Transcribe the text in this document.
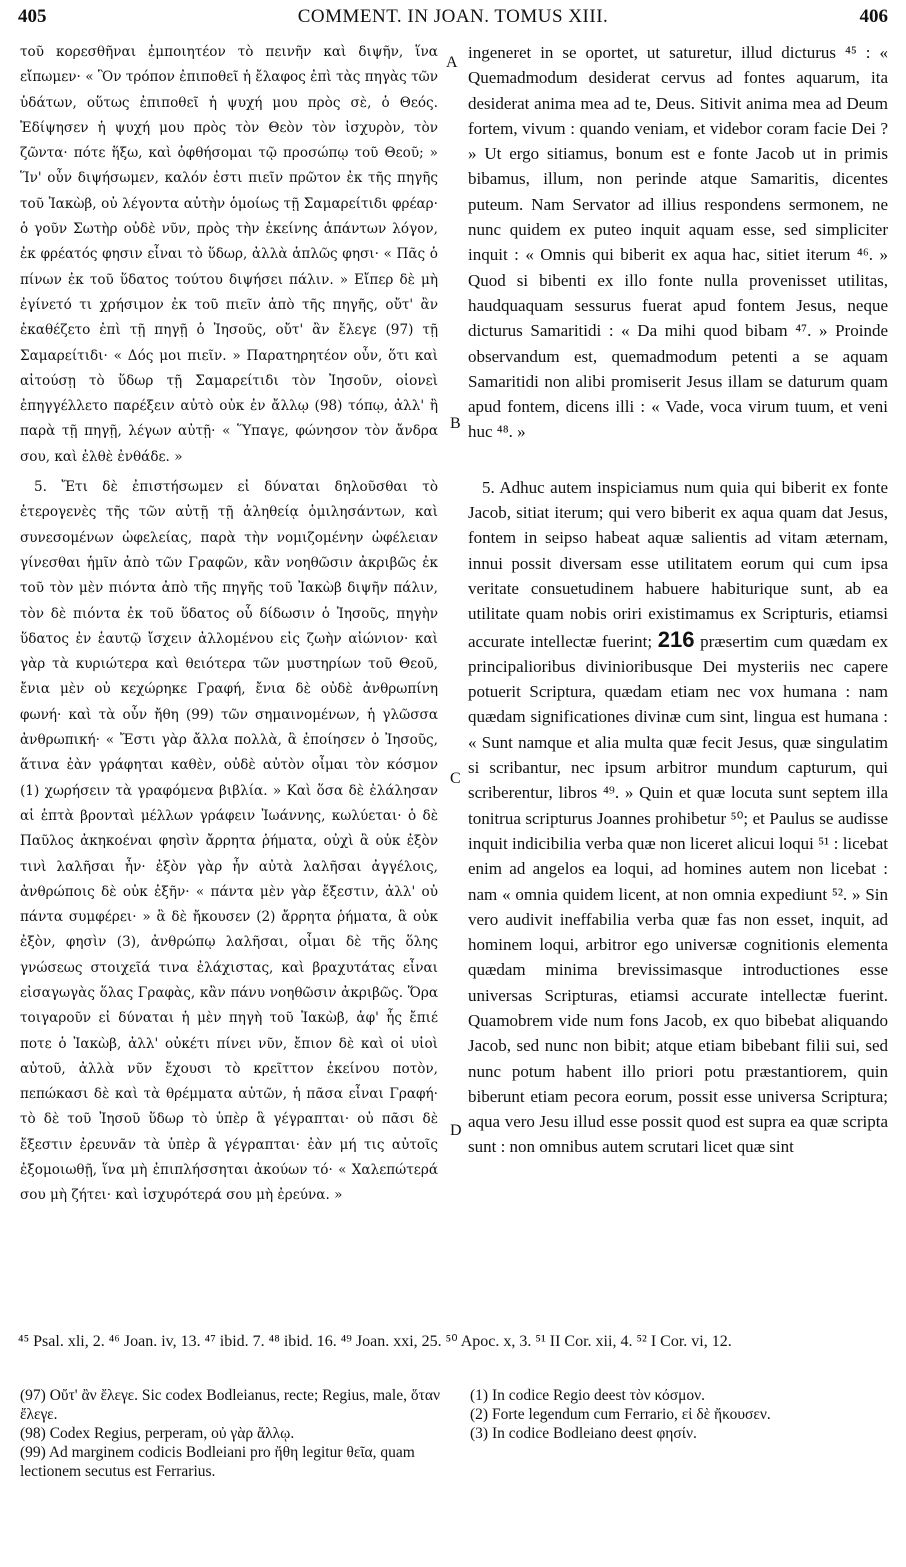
405	COMMENT. IN JOAN. TOMUS XIII.	406

τοῦ κορεσθῆναι ἐμποιητέον τὸ πεινῆν καὶ διψῆν, ἵνα εἴπωμεν· « Ὃν τρόπον ἐπιποθεῖ ἡ ἔλαφος ἐπὶ τὰς πηγὰς τῶν ὑδάτων, οὕτως ἐπιποθεῖ ἡ ψυχή μου πρὸς σὲ, ὁ Θεός. Ἐδίψησεν ἡ ψυχή μου πρὸς τὸν Θεὸν τὸν ἰσχυρὸν, τὸν ζῶντα· πότε ἥξω, καὶ ὀφθήσομαι τῷ προσώπῳ τοῦ Θεοῦ; » Ἵν' οὖν διψήσωμεν, καλόν ἐστι πιεῖν πρῶτον ἐκ τῆς πηγῆς τοῦ Ἰακὼβ, οὐ λέγοντα αὐτὴν ὁμοίως τῇ Σαμαρείτιδι φρέαρ· ὁ γοῦν Σωτὴρ οὐδὲ νῦν, πρὸς τὴν ἐκείνης ἁπάντων λόγον, ἐκ φρέατός φησιν εἶναι τὸ ὕδωρ, ἀλλὰ ἁπλῶς φησι· « Πᾶς ὁ πίνων ἐκ τοῦ ὕδατος τούτου διψήσει πάλιν. » Εἴπερ δὲ μὴ ἐγίνετό τι χρήσιμον ἐκ τοῦ πιεῖν ἀπὸ τῆς πηγῆς, οὔτ' ἂν ἐκαθέζετο ἐπὶ τῇ πηγῇ ὁ Ἰησοῦς, οὔτ' ἂν ἔλεγε (97) τῇ Σαμαρείτιδι· « Δός μοι πιεῖν. » Παρατηρητέον οὖν, ὅτι καὶ αἰτούσῃ τὸ ὕδωρ τῇ Σαμαρείτιδι τὸν Ἰησοῦν, οἱονεὶ ἐπηγγέλλετο παρέξειν αὐτὸ οὐκ ἐν ἄλλῳ (98) τόπῳ, ἀλλ' ἢ παρὰ τῇ πηγῇ, λέγων αὐτῇ· « Ὕπαγε, φώνησον τὸν ἄνδρα σου, καὶ ἐλθὲ ἐνθάδε. »

5. Ἔτι δὲ ἐπιστήσωμεν εἰ δύναται δηλοῦσθαι τὸ ἑτερογενὲς τῆς τῶν αὐτῇ τῇ ἀληθείᾳ ὁμιλησάντων, καὶ συνεσομένων ὠφελείας, παρὰ τὴν νομιζομένην ὠφέλειαν γίνεσθαι ἡμῖν ἀπὸ τῶν Γραφῶν, κἂν νοηθῶσιν ἀκριβῶς ἐκ τοῦ τὸν μὲν πιόντα ἀπὸ τῆς πηγῆς τοῦ Ἰακὼβ διψῆν πάλιν, τὸν δὲ πιόντα ἐκ τοῦ ὕδατος οὗ δίδωσιν ὁ Ἰησοῦς, πηγὴν ὕδατος ἐν ἑαυτῷ ἴσχειν ἀλλομένου εἰς ζωὴν αἰώνιον· καὶ γὰρ τὰ κυριώτερα καὶ θειότερα τῶν μυστηρίων τοῦ Θεοῦ, ἔνια μὲν οὐ κεχώρηκε Γραφή, ἔνια δὲ οὐδὲ ἀνθρωπίνη φωνή· καὶ τὰ οὖν ἤθη (99) τῶν σημαινομένων, ἡ γλῶσσα ἀνθρωπική· « Ἔστι γὰρ ἄλλα πολλὰ, ἃ ἐποίησεν ὁ Ἰησοῦς, ἅτινα ἐὰν γράφηται καθὲν, οὐδὲ αὐτὸν οἶμαι τὸν κόσμον (1) χωρήσειν τὰ γραφόμενα βιβλία. » Καὶ ὅσα δὲ ἐλάλησαν αἱ ἑπτὰ βρονταὶ μέλλων γράφειν Ἰωάννης, κωλύεται· ὁ δὲ Παῦλος ἀκηκοέναι φησὶν ἄρρητα ῥήματα, οὐχὶ ἃ οὐκ ἐξὸν τινὶ λαλῆσαι ἦν· ἐξὸν γὰρ ἦν αὐτὰ λαλῆσαι ἀγγέλοις, ἀνθρώποις δὲ οὐκ ἐξῆν· « πάντα μὲν γὰρ ἔξεστιν, ἀλλ' οὐ πάντα συμφέρει· » ἃ δὲ ἤκουσεν (2) ἄρρητα ῥήματα, ἃ οὐκ ἐξὸν, φησὶν (3), ἀνθρώπῳ λαλῆσαι, οἶμαι δὲ τῆς ὅλης γνώσεως στοιχεῖά τινα ἐλάχιστας, καὶ βραχυτάτας εἶναι εἰσαγωγὰς ὅλας Γραφὰς, κἂν πάνυ νοηθῶσιν ἀκριβῶς. Ὅρα τοιγαροῦν εἰ δύναται ἡ μὲν πηγὴ τοῦ Ἰακὼβ, ἀφ' ἧς ἔπιέ ποτε ὁ Ἰακὼβ, ἀλλ' οὐκέτι πίνει νῦν, ἔπιον δὲ καὶ οἱ υἱοὶ αὐτοῦ, ἀλλὰ νῦν ἔχουσι τὸ κρεῖττον ἐκείνου ποτὸν, πεπώκασι δὲ καὶ τὰ θρέμματα αὐτῶν, ἡ πᾶσα εἶναι Γραφή· τὸ δὲ τοῦ Ἰησοῦ ὕδωρ τὸ ὑπὲρ ἃ γέγραπται· οὐ πᾶσι δὲ ἔξεστιν ἐρευνᾶν τὰ ὑπὲρ ἃ γέγραπται· ἐὰν μή τις αὐτοῖς ἐξομοιωθῇ, ἵνα μὴ ἐπιπλήσσηται ἀκούων τό· « Χαλεπώτερά σου μὴ ζήτει· καὶ ἰσχυρότερά σου μὴ ἐρεύνα. »

A
B
C
D

ingeneret in se oportet, ut saturetur, illud dicturus ⁴⁵ : « Quemadmodum desiderat cervus ad fontes aquarum, ita desiderat anima mea ad te, Deus. Sitivit anima mea ad Deum fortem, vivum : quando veniam, et videbor coram facie Dei ? » Ut ergo sitiamus, bonum est e fonte Jacob ut in primis bibamus, illum, non perinde atque Samaritis, dicentes puteum. Nam Servator ad illius respondens sermonem, ne nunc quidem ex puteo inquit aquam esse, sed simpliciter inquit : « Omnis qui biberit ex aqua hac, sitiet iterum ⁴⁶. » Quod si bibenti ex illo fonte nulla provenisset utilitas, haudquaquam sessurus fuerat apud fontem Jesus, neque dicturus Samaritidi : « Da mihi quod bibam ⁴⁷. » Proinde observandum est, quemadmodum petenti a se aquam Samaritidi non alibi promiserit Jesus illam se daturum quam apud fontem, dicens illi : « Vade, voca virum tuum, et veni huc ⁴⁸. »

5. Adhuc autem inspiciamus num quia qui biberit ex fonte Jacob, sitiat iterum; qui vero biberit ex aqua quam dat Jesus, fontem in seipso habeat aquæ salientis ad vitam æternam, innui possit diversam esse utilitatem eorum qui cum ipsa veritate consuetudinem habuere habiturique sunt, ab ea utilitate quam nobis oriri existimamus ex Scripturis, etiamsi accurate intellectæ fuerint; 216 præsertim cum quædam ex principalioribus divinioribusque Dei mysteriis nec capere potuerit Scriptura, quædam etiam nec vox humana : nam quædam significationes divinæ cum sint, lingua est humana : « Sunt namque et alia multa quæ fecit Jesus, quæ singulatim si scribantur, nec ipsum arbitror mundum capturum, qui scriberentur, libros ⁴⁹. » Quin et quæ locuta sunt septem illa tonitrua scripturus Joannes prohibetur ⁵⁰; et Paulus se audisse inquit indicibilia verba quæ non liceret alicui loqui ⁵¹ : licebat enim ad angelos ea loqui, ad homines autem non licebat : nam « omnia quidem licent, at non omnia expediunt ⁵². » Sin vero audivit ineffabilia verba quæ fas non esset, inquit, ad hominem loqui, arbitror ego universæ cognitionis elementa quædam minima brevissimasque introductiones esse universas Scripturas, etiamsi accurate intellectæ fuerint. Quamobrem vide num fons Jacob, ex quo bibebat aliquando Jacob, sed nunc non bibit; atque etiam bibebant filii sui, sed nunc potum habent illo priori potu præstantiorem, quin biberunt etiam pecora eorum, possit esse universa Scriptura; aqua vero Jesu illud esse possit quod est supra ea quæ scripta sunt : non omnibus autem scrutari licet quæ sint

⁴⁵ Psal. xli, 2. ⁴⁶ Joan. iv, 13. ⁴⁷ ibid. 7. ⁴⁸ ibid. 16. ⁴⁹ Joan. xxi, 25. ⁵⁰ Apoc. x, 3. ⁵¹ II Cor. xii, 4. ⁵² I Cor. vi, 12.

(97) Οὔτ' ἂν ἔλεγε. Sic codex Bodleianus, recte; Regius, male, ὅταν ἔλεγε.

(98) Codex Regius, perperam, οὐ γὰρ ἄλλῳ.

(99) Ad marginem codicis Bodleiani pro ἤθη legitur θεῖα, quam lectionem secutus est Ferrarius.

(1) In codice Regio deest τὸν κόσμον.

(2) Forte legendum cum Ferrario, εἰ δὲ ἤκουσεν.

(3) In codice Bodleiano deest φησίν.
